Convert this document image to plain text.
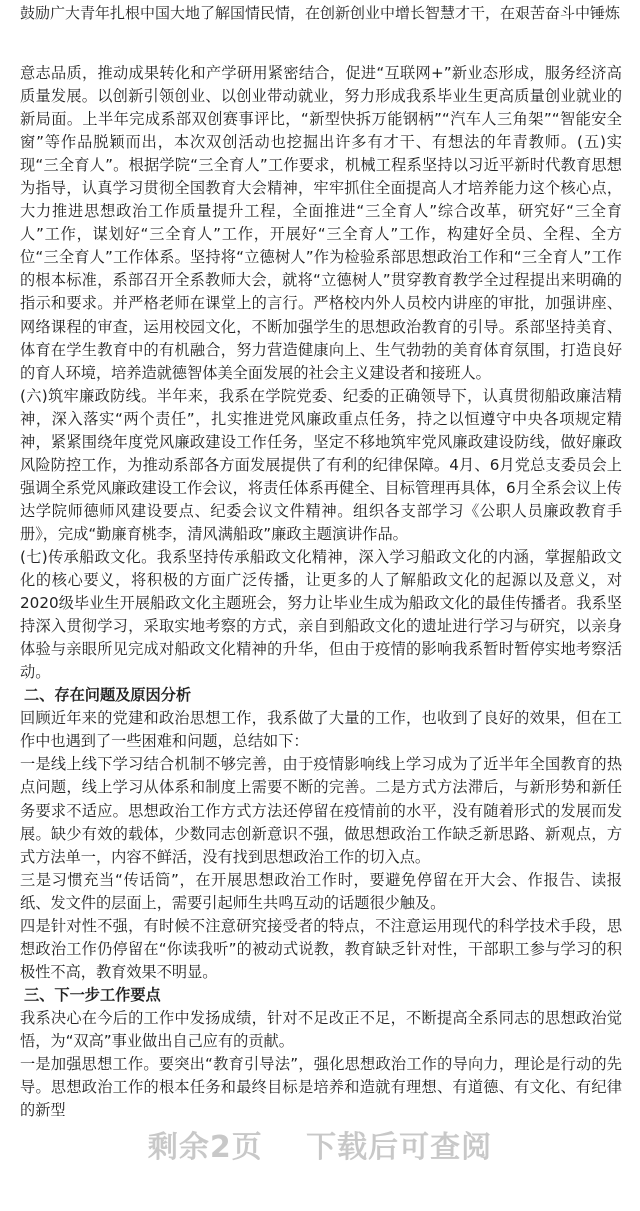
鼓励广大青年扎根中国大地了解国情民情，在创新创业中增长智慧才干，在艰苦奋斗中锤炼

意志品质，推动成果转化和产学研用紧密结合，促进“互联网+”新业态形成，服务经济高质量发展。以创新引领创业、以创业带动就业，努力形成我系毕业生更高质量创业就业的新局面。上半年完成系部双创赛事评比，“新型快拆万能钢柄”“汽车人三角架”“智能安全窗”等作品脱颖而出，本次双创活动也挖掘出许多有才干、有想法的年青教师。(五)实现“三全育人”。根据学院“三全育人”工作要求，机械工程系坚持以习近平新时代教育思想为指导，认真学习贯彻全国教育大会精神，牢牢抓住全面提高人才培养能力这个核心点，大力推进思想政治工作质量提升工程，全面推进“三全育人”综合改革，研究好“三全育人”工作，谋划好“三全育人”工作，开展好“三全育人”工作，构建好全员、全程、全方位“三全育人”工作体系。坚持将“立德树人”作为检验系部思想政治工作和“三全育人”工作的根本标准，系部召开全系教师大会，就将“立德树人”贯穿教育教学全过程提出来明确的指示和要求。并严格老师在课堂上的言行。严格校内外人员校内讲座的审批，加强讲座、网络课程的审查，运用校园文化，不断加强学生的思想政治教育的引导。系部坚持美育、体育在学生教育中的有机融合，努力营造健康向上、生气勃勃的美育体育氛围，打造良好的育人环境，培养造就德智体美全面发展的社会主义建设者和接班人。

(六)筑牢廉政防线。半年来，我系在学院党委、纪委的正确领导下，认真贯彻船政廉洁精神，深入落实“两个责任”，扎实推进党风廉政重点任务，持之以恒遵守中央各项规定精神，紧紧围绕年度党风廉政建设工作任务，坚定不移地筑牢党风廉政建设防线，做好廉政风险防控工作，为推动系部各方面发展提供了有利的纪律保障。4月、6月党总支委员会上强调全系党风廉政建设工作会议，将责任体系再健全、目标管理再具体，6月全系会议上传达学院师德师风建设要点、纪委会议文件精神。组织各支部学习《公职人员廉政教育手册》，完成“勤廉育桃李，清风满船政”廉政主题演讲作品。

(七)传承船政文化。我系坚持传承船政文化精神，深入学习船政文化的内涵，掌握船政文化的核心要义，将积极的方面广泛传播，让更多的人了解船政文化的起源以及意义，对2020级毕业生开展船政文化主题班会，努力让毕业生成为船政文化的最佳传播者。我系坚持深入贯彻学习，采取实地考察的方式，亲自到船政文化的遗址进行学习与研究，以亲身体验与亲眼所见完成对船政文化精神的升华，但由于疫情的影响我系暂时暂停实地考察活动。

二、存在问题及原因分析

回顾近年来的党建和政治思想工作，我系做了大量的工作，也收到了良好的效果，但在工作中也遇到了一些困难和问题，总结如下：

一是线上线下学习结合机制不够完善，由于疫情影响线上学习成为了近半年全国教育的热点问题，线上学习从体系和制度上需要不断的完善。二是方式方法滞后，与新形势和新任务要求不适应。思想政治工作方式方法还停留在疫情前的水平，没有随着形式的发展而发展。缺少有效的载体，少数同志创新意识不强，做思想政治工作缺乏新思路、新观点，方式方法单一，内容不鲜活，没有找到思想政治工作的切入点。

三是习惯充当“传话筒”，在开展思想政治工作时，要避免停留在开大会、作报告、读报纸、发文件的层面上，需要引起师生共鸣互动的话题很少触及。

四是针对性不强，有时候不注意研究接受者的特点，不注意运用现代的科学技术手段，思想政治工作仍停留在“你读我听”的被动式说教，教育缺乏针对性，干部职工参与学习的积极性不高，教育效果不明显。

三、下一步工作要点

我系决心在今后的工作中发扬成绩，针对不足改正不足，不断提高全系同志的思想政治觉悟，为“双高”事业做出自己应有的贡献。

一是加强思想工作。要突出“教育引导法”，强化思想政治工作的导向力，理论是行动的先导。思想政治工作的根本任务和最终目标是培养和造就有理想、有道德、有文化、有纪律的新型

剩余2页 下载后可查阅
